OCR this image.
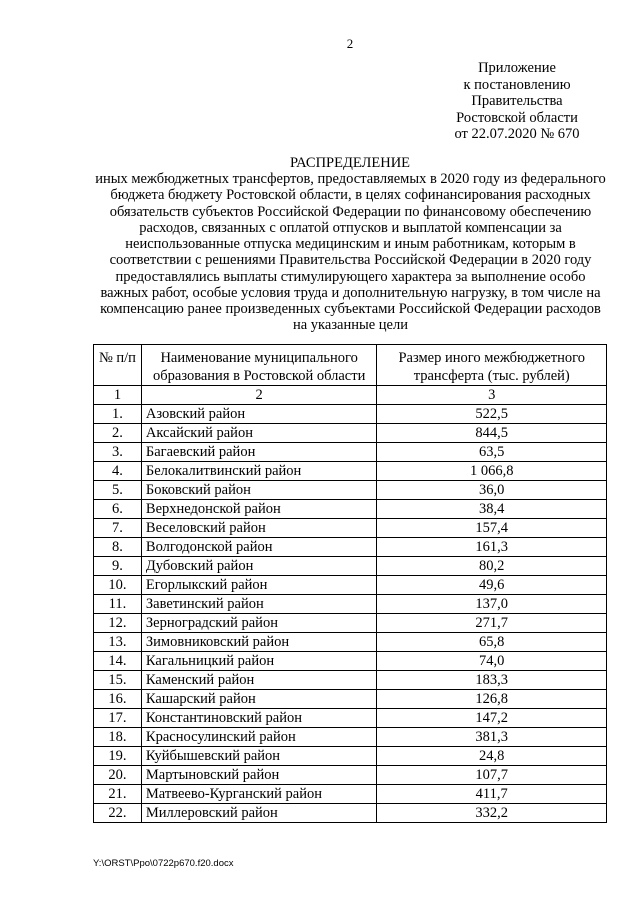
2
Приложение
к постановлению
Правительства
Ростовской области
от 22.07.2020 № 670
РАСПРЕДЕЛЕНИЕ
иных межбюджетных трансфертов, предоставляемых в 2020 году из федерального бюджета бюджету Ростовской области, в целях софинансирования расходных обязательств субъектов Российской Федерации по финансовому обеспечению расходов, связанных с оплатой отпусков и выплатой компенсации за неиспользованные отпуска медицинским и иным работникам, которым в соответствии с решениями Правительства Российской Федерации в 2020 году предоставлялись выплаты стимулирующего характера за выполнение особо важных работ, особые условия труда и дополнительную нагрузку, в том числе на компенсацию ранее произведенных субъектами Российской Федерации расходов на указанные цели
№ п/п	Наименование муниципального образования в Ростовской области	Размер иного межбюджетного трансферта (тыс. рублей)
1	2	3
1.	Азовский район	522,5
2.	Аксайский район	844,5
3.	Багаевский район	63,5
4.	Белокалитвинский район	1 066,8
5.	Боковский район	36,0
6.	Верхнедонской район	38,4
7.	Веселовский район	157,4
8.	Волгодонской район	161,3
9.	Дубовский район	80,2
10.	Егорлыкский район	49,6
11.	Заветинский район	137,0
12.	Зерноградский район	271,7
13.	Зимовниковский район	65,8
14.	Кагальницкий район	74,0
15.	Каменский район	183,3
16.	Кашарский район	126,8
17.	Константиновский район	147,2
18.	Красносулинский район	381,3
19.	Куйбышевский район	24,8
20.	Мартыновский район	107,7
21.	Матвеево-Курганский район	411,7
22.	Миллеровский район	332,2
Y:\ORST\Ppo\0722p670.f20.docx
